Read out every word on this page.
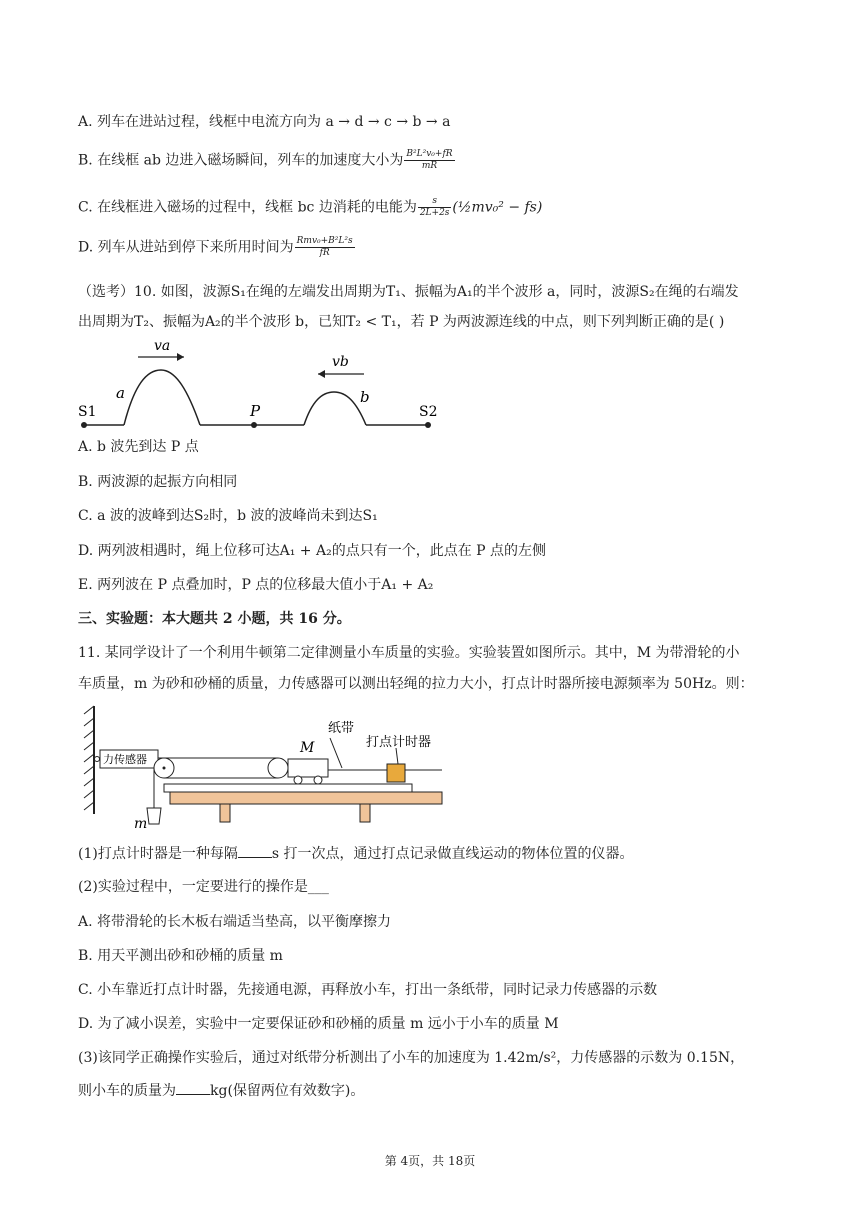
A. 列车在进站过程，线框中电流方向为 a → d → c → b → a
B. 在线框 ab 边进入磁场瞬间，列车的加速度大小为 $\frac{\text{B²L²v₀+fR}}{mR}$
C. 在线框进入磁场的过程中，线框 bc 边消耗的电能为 $\frac{s}{2L+2s}$ (½mv₀² − fs)
D. 列车从进站到停下来所用时间为 $\frac{\text{Rmv₀+B²L²s}}{fR}$
（选考）10. 如图，波源S₁在绳的左端发出周期为T₁、振幅为A₁的半个波形 a，同时，波源S₂在绳的右端发
出周期为T₂、振幅为A₂的半个波形 b，已知T₂ < T₁，若 P 为两波源连线的中点，则下列判断正确的是( )
va
vb
a	b
S1	P	S2
A. b 波先到达 P 点
B. 两波源的起振方向相同
C. a 波的波峰到达S₂时，b 波的波峰尚未到达S₁
D. 两列波相遇时，绳上位移可达A₁ + A₂的点只有一个，此点在 P 点的左侧
E. 两列波在 P 点叠加时，P 点的位移最大值小于A₁ + A₂
三、实验题：本大题共 2 小题，共 16 分。
11. 某同学设计了一个利用牛顿第二定律测量小车质量的实验。实验装置如图所示。其中，M 为带滑轮的小
车质量，m 为砂和砂桶的质量，力传感器可以测出轻绳的拉力大小，打点计时器所接电源频率为 50Hz。则：
力传感器
M
纸带
打点计时器
m
(1)打点计时器是一种每隔 s 打一次点，通过打点记录做直线运动的物体位置的仪器。
(2)实验过程中，一定要进行的操作是___
A. 将带滑轮的长木板右端适当垫高，以平衡摩擦力
B. 用天平测出砂和砂桶的质量 m
C. 小车靠近打点计时器，先接通电源，再释放小车，打出一条纸带，同时记录力传感器的示数
D. 为了减小误差，实验中一定要保证砂和砂桶的质量 m 远小于小车的质量 M
(3)该同学正确操作实验后，通过对纸带分析测出了小车的加速度为 1.42m/s²，力传感器的示数为 0.15N，
则小车的质量为 kg(保留两位有效数字)。
第 4页，共 18页
